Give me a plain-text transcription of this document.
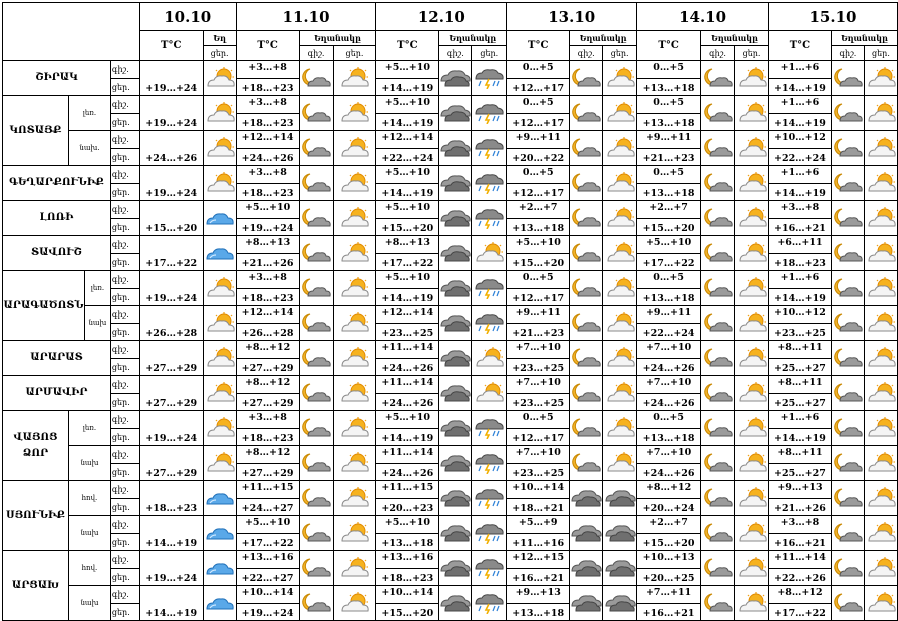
				10.10		11.10			12.10			13.10			14.10			15.10		
				T°C	Եղ	T°C	Եղանակը		T°C	Եղանակը		T°C	Եղանակը		T°C	Եղանակը		T°C	Եղանակը	
					ցեր.		գիշ.	ցեր.		գիշ.	ցեր.		գիշ.	ցեր.		գիշ.	ցեր.		գիշ.	ցեր.
ՇԻՐԱԿ			գիշ.	+19…+24		+3…+8			+5…+10			0…+5			0…+5			+1…+6	

			ցեր.			+18…+23			+14…+19			+12…+17			+13…+18			+14…+19		
ԿՈՏԱՅՔ	լեռ.		գիշ.	+19…+24		+3…+8			+5…+10			0…+5			0…+5			+1…+6	

			ցեր.			+18…+23			+14…+19			+12…+17			+13…+18			+14…+19		
	նախ.		գիշ.	+24…+26		+12…+14			+12…+14			+9…+11			+9…+11			+10…+12	

			ցեր.			+24…+26			+22…+24			+20…+22			+21…+23			+22…+24		
ԳԵՂԱՐՔՈՒՆԻՔ			գիշ.	+19…+24		+3…+8			+5…+10			0…+5			0…+5			+1…+6	

			ցեր.			+18…+23			+14…+19			+12…+17			+13…+18			+14…+19		
ԼՈՌԻ			գիշ.	+15…+20		+5…+10			+5…+10			+2…+7			+2…+7			+3…+8	

			ցեր.			+19…+24			+15…+20			+13…+18			+15…+20			+16…+21		
ՏԱՎՈՒՇ			գիշ.	+17…+22		+8…+13			+8…+13			+5…+10			+5…+10			+6…+11	

			ցեր.			+21…+26			+17…+22			+15…+20			+17…+22			+18…+23		
ԱՐԱԳԱԾՈՏՆ		լեռ.	գիշ.	+19…+24		+3…+8			+5…+10			0…+5			0…+5			+1…+6	

			ցեր.			+18…+23			+14…+19			+12…+17			+13…+18			+14…+19		
		նախ	գիշ.	+26…+28		+12…+14			+12…+14			+9…+11			+9…+11			+10…+12	

			ցեր.			+26…+28			+23…+25			+21…+23			+22…+24			+23…+25		
ԱՐԱՐԱՏ			գիշ.	+27…+29		+8…+12			+11…+14			+7…+10			+7…+10			+8…+11	

			ցեր.			+27…+29			+24…+26			+23…+25			+24…+26			+25…+27		
ԱՐՄԱՎԻՐ			գիշ.	+27…+29		+8…+12			+11…+14			+7…+10			+7…+10			+8…+11	

			ցեր.			+27…+29			+24…+26			+23…+25			+24…+26			+25…+27		
ՎԱՅՈՑ ՁՈՐ	լեռ.		գիշ.	+19…+24		+3…+8			+5…+10			0…+5			0…+5			+1…+6	

			ցեր.			+18…+23			+14…+19			+12…+17			+13…+18			+14…+19		
	նախ		գիշ.	+27…+29		+8…+12			+11…+14			+7…+10			+7…+10			+8…+11	

			ցեր.			+27…+29			+24…+26			+23…+25			+24…+26			+25…+27		
ՍՅՈՒՆԻՔ	հով.		գիշ.	+18…+23		+11…+15			+11…+15			+10…+14			+8…+12			+9…+13	

			ցեր.			+24…+27			+20…+23			+18…+21			+20…+24			+21…+26		
	նախ		գիշ.	+14…+19		+5…+10			+5…+10			+5…+9			+2…+7			+3…+8	

			ցեր.			+17…+22			+13…+18			+11…+16			+15…+20			+16…+21		
ԱՐՑԱԽ	հով.		գիշ.	+19…+24		+13…+16			+13…+16			+12…+15			+10…+13			+11…+14	

			ցեր.			+22…+27			+18…+23			+16…+21			+20…+25			+22…+26		
	նախ		գիշ.	+14…+19		+10…+14			+10…+14			+9…+13			+7…+11			+8…+12	

			ցեր.			+19…+24			+15…+20			+13…+18			+16…+21			+17…+22		
